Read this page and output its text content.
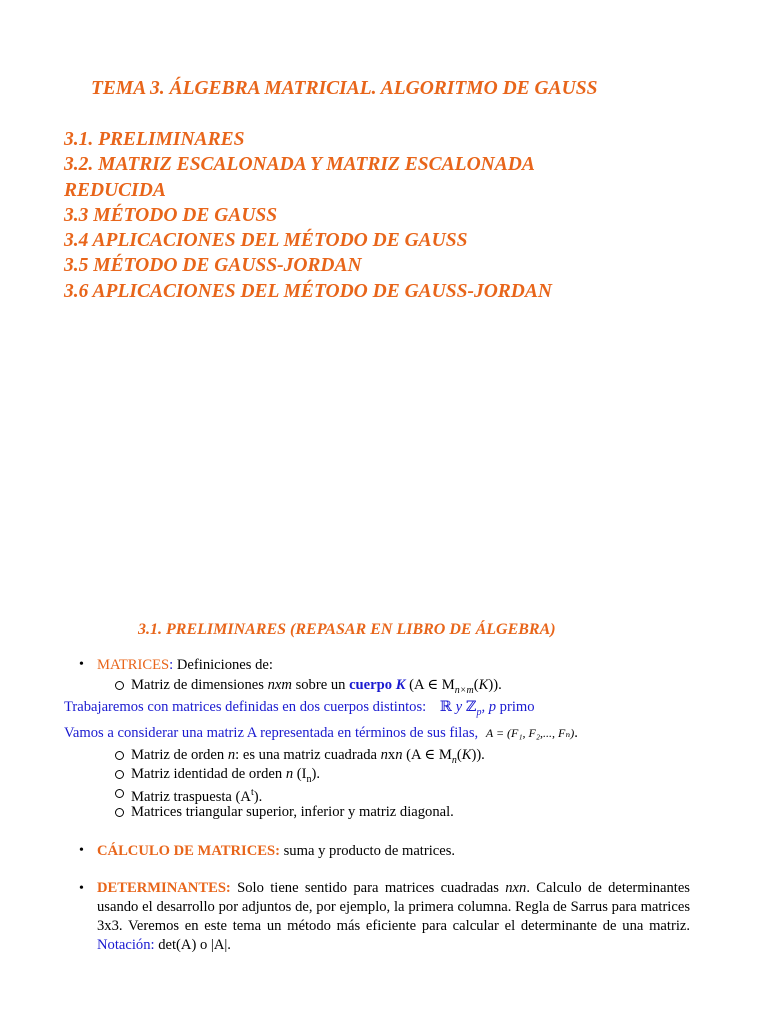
TEMA 3. ÁLGEBRA MATRICIAL. ALGORITMO DE GAUSS
3.1. PRELIMINARES
3.2. MATRIZ ESCALONADA Y MATRIZ ESCALONADA
REDUCIDA
3.3 MÉTODO DE GAUSS
3.4 APLICACIONES DEL MÉTODO DE GAUSS
3.5 MÉTODO DE GAUSS-JORDAN
3.6 APLICACIONES DEL MÉTODO DE GAUSS-JORDAN
3.1. PRELIMINARES (REPASAR EN LIBRO DE ÁLGEBRA)
• MATRICES: Definiciones de:
Matriz de dimensiones nxm sobre un cuerpo K (A ∈ $M_{n\times m}(K)$).
Trabajaremos con matrices definidas en dos cuerpos distintos: ℝ y ℤ$_p$, p primo
Vamos a considerar una matriz A representada en términos de sus filas, A = (F₁, F₂,..., Fₙ).
Matriz de orden n: es una matriz cuadrada nxn (A ∈ $M_n(K)$).
Matriz identidad de orden n $(I_n)$.
Matriz traspuesta $(A^t)$.
Matrices triangular superior, inferior y matriz diagonal.
• CÁLCULO DE MATRICES: suma y producto de matrices.

• DETERMINANTES: Solo tiene sentido para matrices cuadradas nxn. Calculo de determinantes usando el desarrollo por adjuntos de, por ejemplo, la primera columna. Regla de Sarrus para matrices 3x3. Veremos en este tema un método más eficiente para calcular el determinante de una matriz. Notación: det(A) o |A|.
